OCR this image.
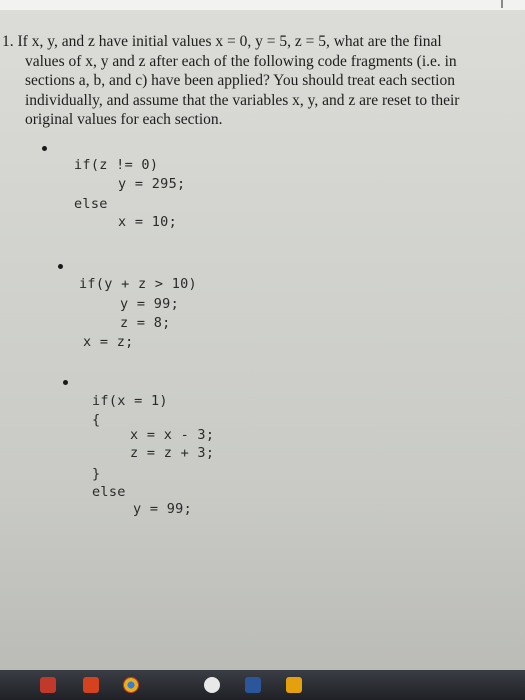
1. If x, y, and z have initial values x = 0, y = 5, z = 5, what are the final
values of x, y and z after each of the following code fragments (i.e. in
sections a, b, and c) have been applied? You should treat each section
individually, and assume that the variables x, y, and z are reset to their
original values for each section.
if(z != 0)
y = 295;
else
x = 10;
if(y + z > 10)
y = 99;
z = 8;
x = z;
if(x = 1)
{
x = x - 3;
z = z + 3;
}
else
y = 99;
